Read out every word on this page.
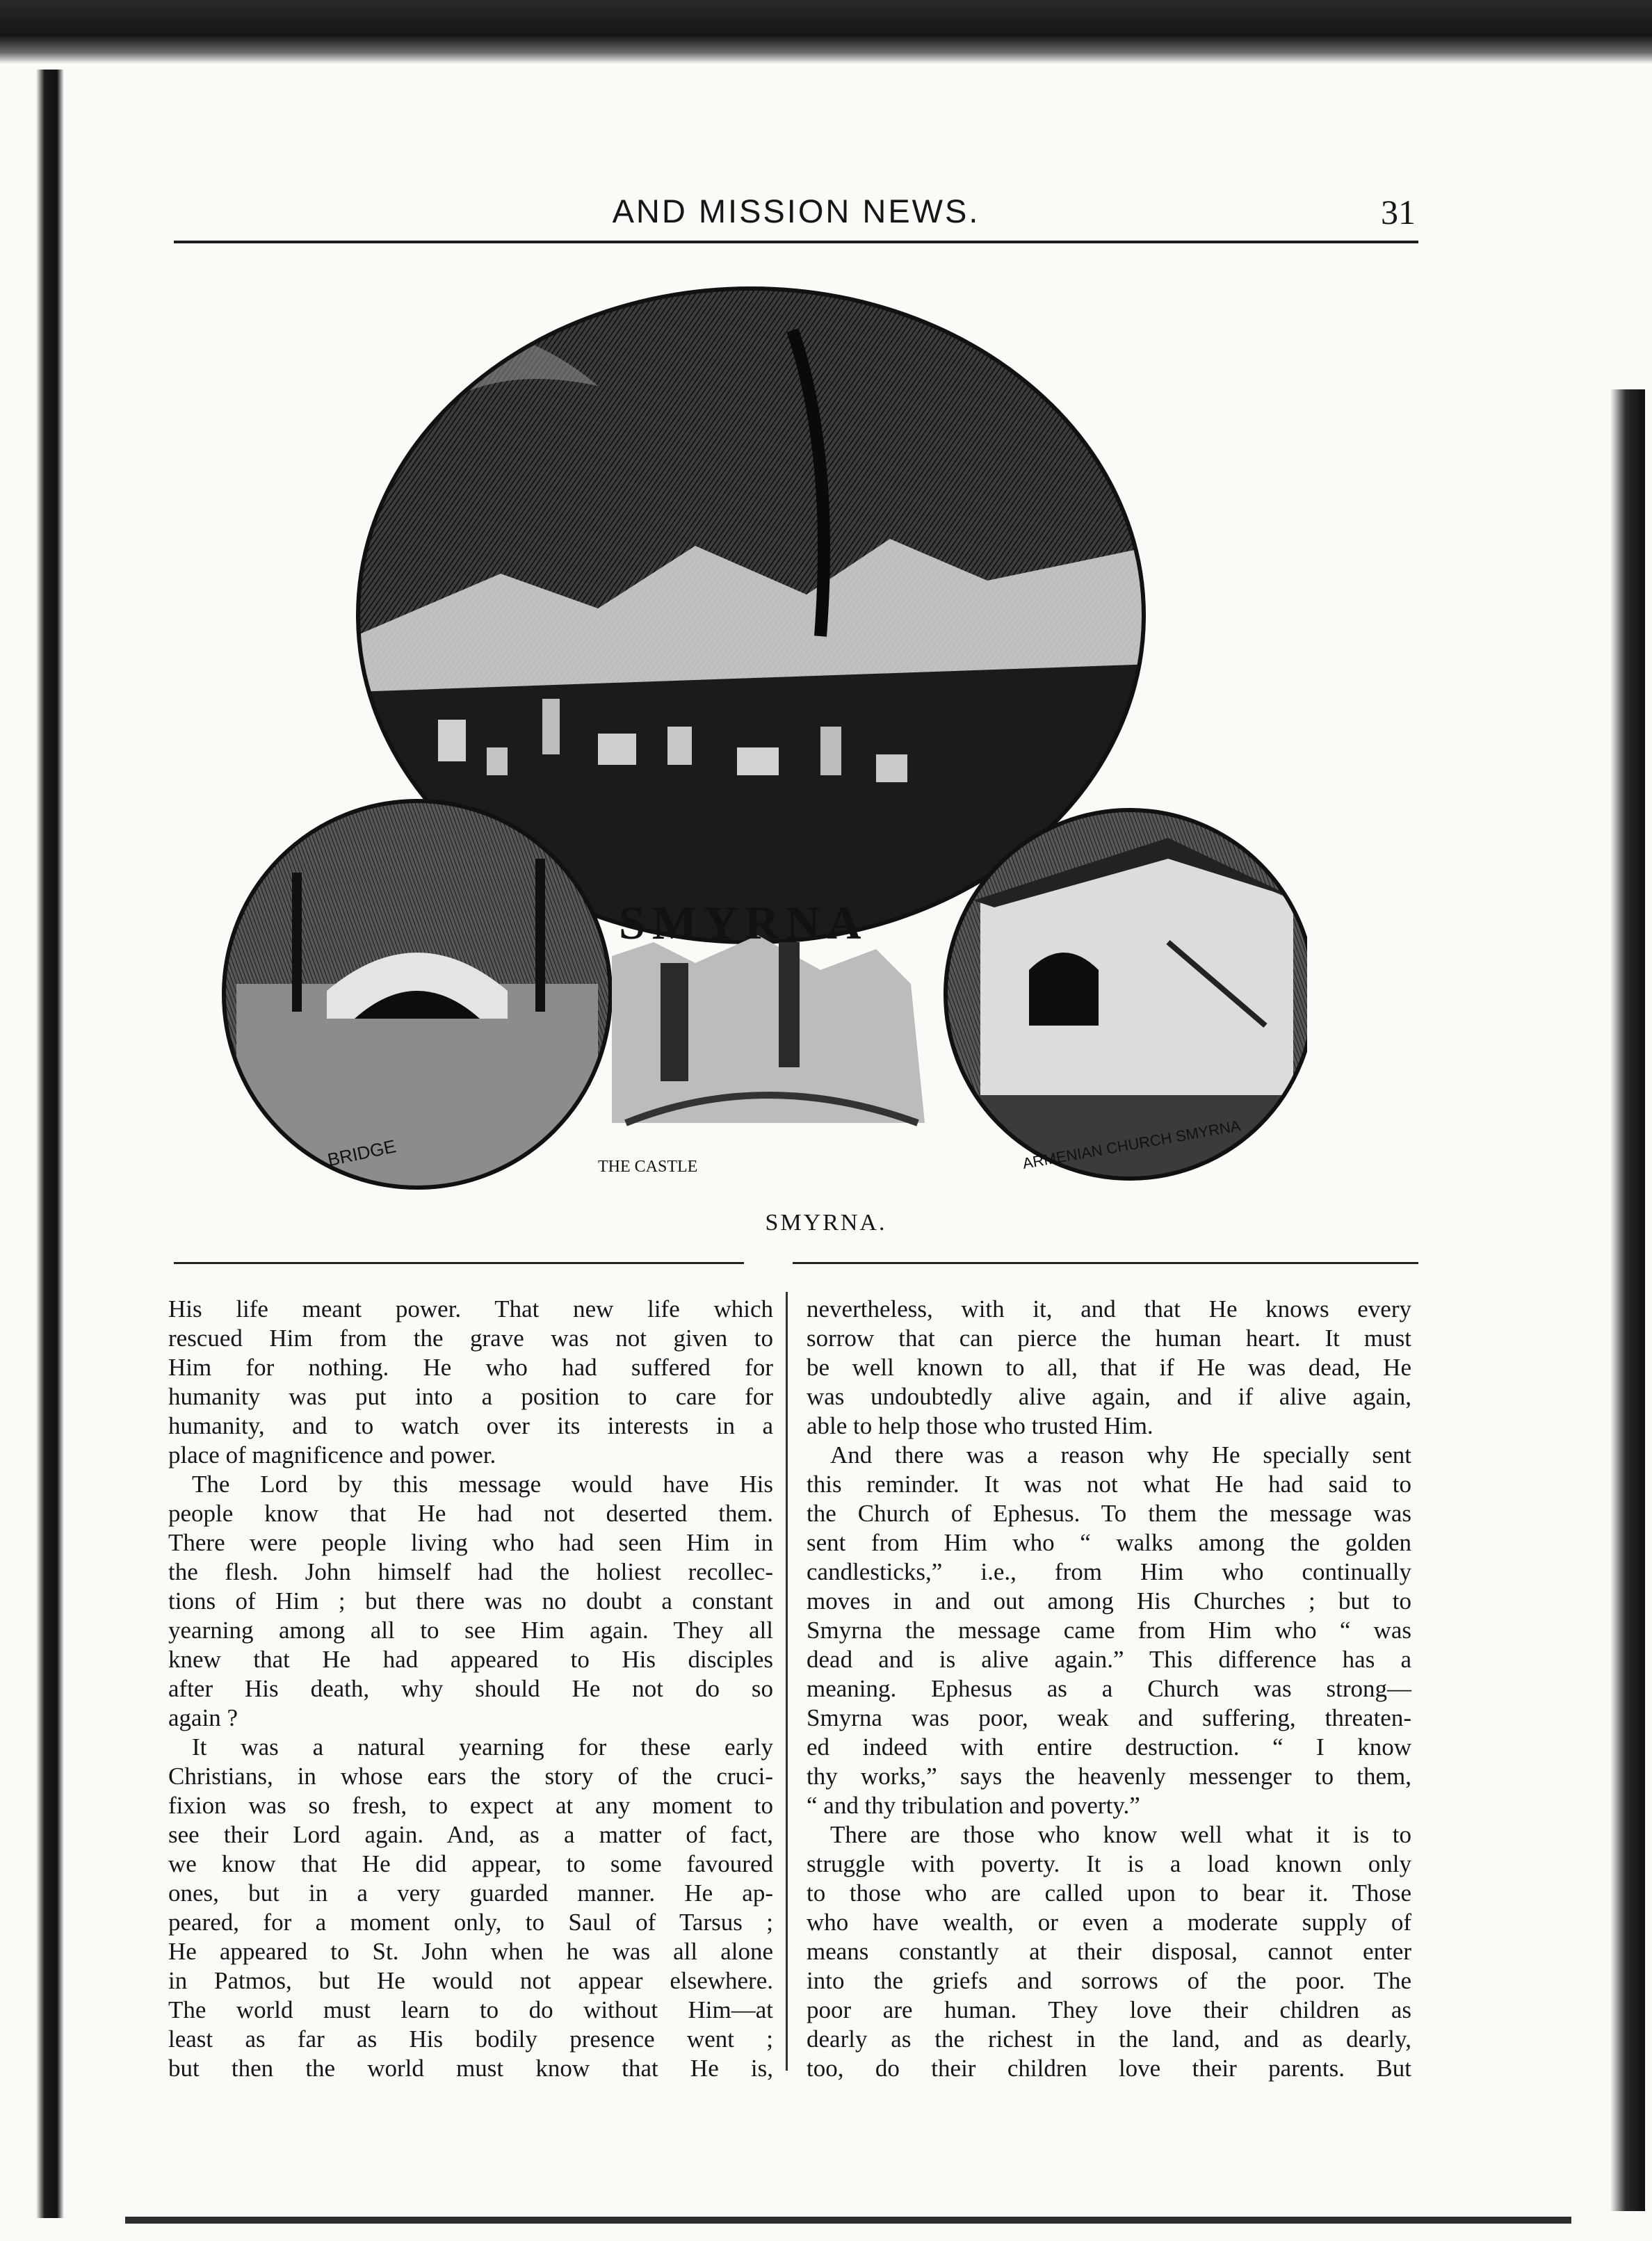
AND MISSION NEWS.	31
BRIDGE	ARMENIAN CHURCH SMYRNA
THE CASTLE
SMYRNA
SMYRNA.
His life meant power. That new life which
rescued Him from the grave was not given to
Him for nothing. He who had suffered for
humanity was put into a position to care for
humanity, and to watch over its interests in a
place of magnificence and power.
The Lord by this message would have His
people know that He had not deserted them.
There were people living who had seen Him in
the flesh. John himself had the holiest recollec-
tions of Him ; but there was no doubt a constant
yearning among all to see Him again. They all
knew that He had appeared to His disciples
after His death, why should He not do so
again ?
It was a natural yearning for these early
Christians, in whose ears the story of the cruci-
fixion was so fresh, to expect at any moment to
see their Lord again. And, as a matter of fact,
we know that He did appear, to some favoured
ones, but in a very guarded manner. He ap-
peared, for a moment only, to Saul of Tarsus ;
He appeared to St. John when he was all alone
in Patmos, but He would not appear elsewhere.
The world must learn to do without Him—at
least as far as His bodily presence went ;
but then the world must know that He is,
nevertheless, with it, and that He knows every
sorrow that can pierce the human heart. It must
be well known to all, that if He was dead, He
was undoubtedly alive again, and if alive again,
able to help those who trusted Him.
And there was a reason why He specially sent
this reminder. It was not what He had said to
the Church of Ephesus. To them the message was
sent from Him who “ walks among the golden
candlesticks,” i.e., from Him who continually
moves in and out among His Churches ; but to
Smyrna the message came from Him who “ was
dead and is alive again.” This difference has a
meaning. Ephesus as a Church was strong—
Smyrna was poor, weak and suffering, threaten-
ed indeed with entire destruction. “ I know
thy works,” says the heavenly messenger to them,
“ and thy tribulation and poverty.”
There are those who know well what it is to
struggle with poverty. It is a load known only
to those who are called upon to bear it. Those
who have wealth, or even a moderate supply of
means constantly at their disposal, cannot enter
into the griefs and sorrows of the poor. The
poor are human. They love their children as
dearly as the richest in the land, and as dearly,
too, do their children love their parents. But
